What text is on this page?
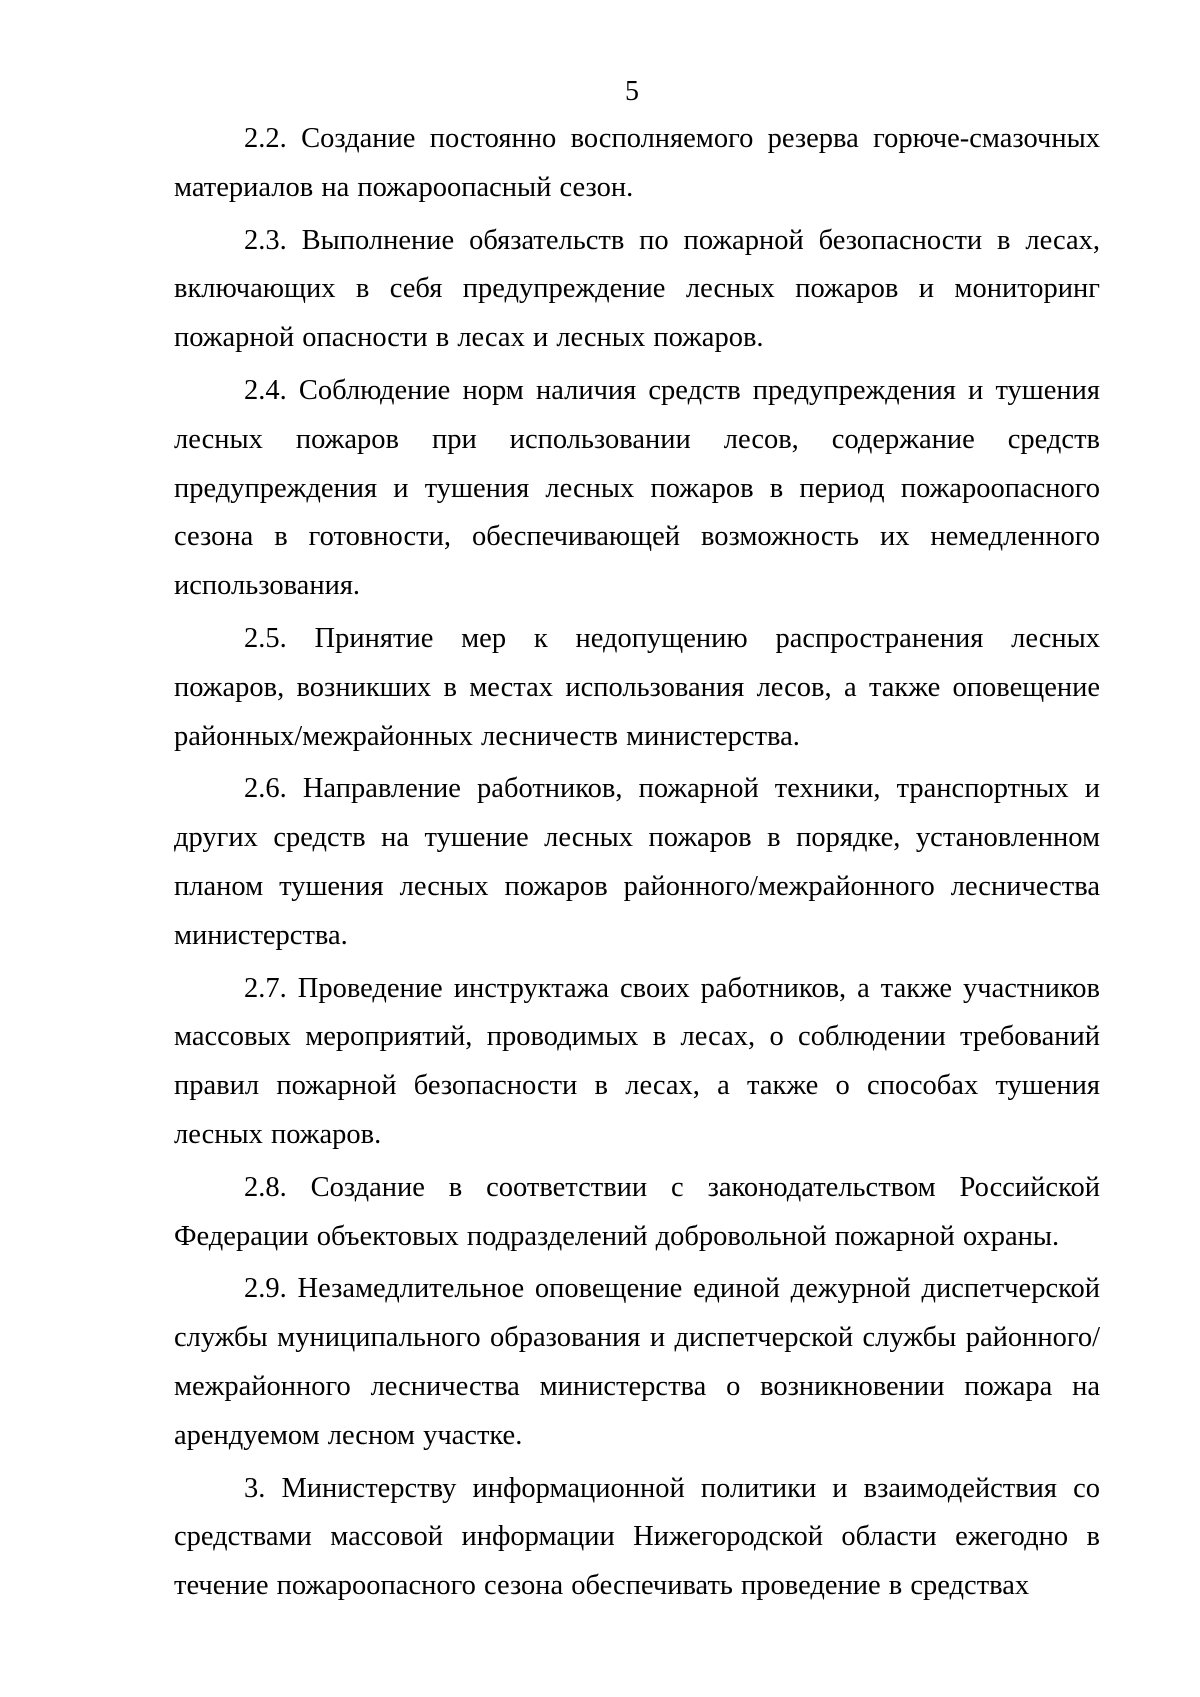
5

2.2. Создание постоянно восполняемого резерва горюче-смазочных материалов на пожароопасный сезон.

2.3. Выполнение обязательств по пожарной безопасности в лесах, включающих в себя предупреждение лесных пожаров и мониторинг пожарной опасности в лесах и лесных пожаров.

2.4. Соблюдение норм наличия средств предупреждения и тушения лесных пожаров при использовании лесов, содержание средств предупреждения и тушения лесных пожаров в период пожароопасного сезона в готовности, обеспечивающей возможность их немедленного использования.

2.5. Принятие мер к недопущению распространения лесных пожаров, возникших в местах использования лесов, а также оповещение районных/межрайонных лесничеств министерства.

2.6. Направление работников, пожарной техники, транспортных и других средств на тушение лесных пожаров в порядке, установленном планом тушения лесных пожаров районного/межрайонного лесничества министерства.

2.7. Проведение инструктажа своих работников, а также участников массовых мероприятий, проводимых в лесах, о соблюдении требований правил пожарной безопасности в лесах, а также о способах тушения лесных пожаров.

2.8. Создание в соответствии с законодательством Российской Федерации объектовых подразделений добровольной пожарной охраны.

2.9. Незамедлительное оповещение единой дежурной диспетчерской службы муниципального образования и диспетчерской службы районного/межрайонного лесничества министерства о возникновении пожара на арендуемом лесном участке.

3. Министерству информационной политики и взаимодействия со средствами массовой информации Нижегородской области ежегодно в течение пожароопасного сезона обеспечивать проведение в средствах
